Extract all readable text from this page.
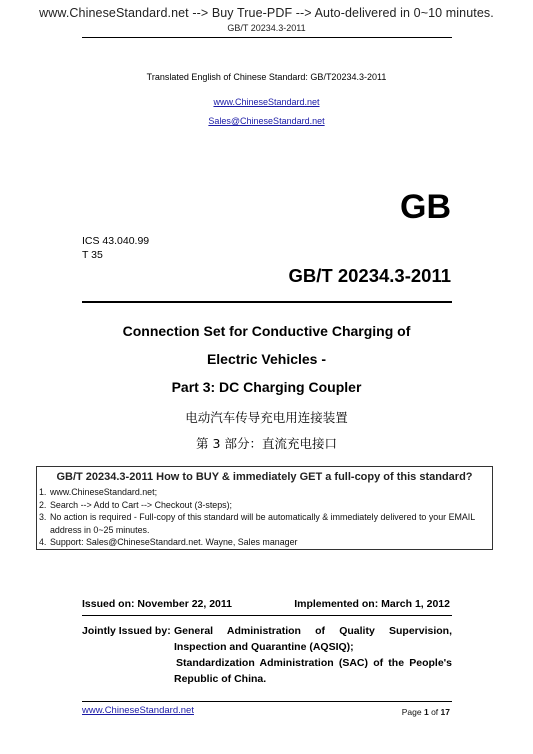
www.ChineseStandard.net --> Buy True-PDF --> Auto-delivered in 0~10 minutes.
GB/T 20234.3-2011
Translated English of Chinese Standard: GB/T20234.3-2011
www.ChineseStandard.net
Sales@ChineseStandard.net
GB
ICS 43.040.99
T 35
GB/T 20234.3-2011
Connection Set for Conductive Charging of
Electric Vehicles -
Part 3: DC Charging Coupler
电动汽车传导充电用连接装置
第 3 部分：直流充电接口
GB/T 20234.3-2011 How to BUY & immediately GET a full-copy of this standard?
1. www.ChineseStandard.net;
2. Search --> Add to Cart --> Checkout (3-steps);
3. No action is required - Full-copy of this standard will be automatically & immediately delivered to your EMAIL address in 0~25 minutes.
4. Support: Sales@ChineseStandard.net. Wayne, Sales manager
Issued on: November 22, 2011	Implemented on: March 1, 2012
Jointly Issued by: General Administration of Quality Supervision,
Inspection and Quarantine (AQSIQ);
Standardization Administration (SAC) of the People's
Republic of China.
www.ChineseStandard.net	Page 1 of 17
